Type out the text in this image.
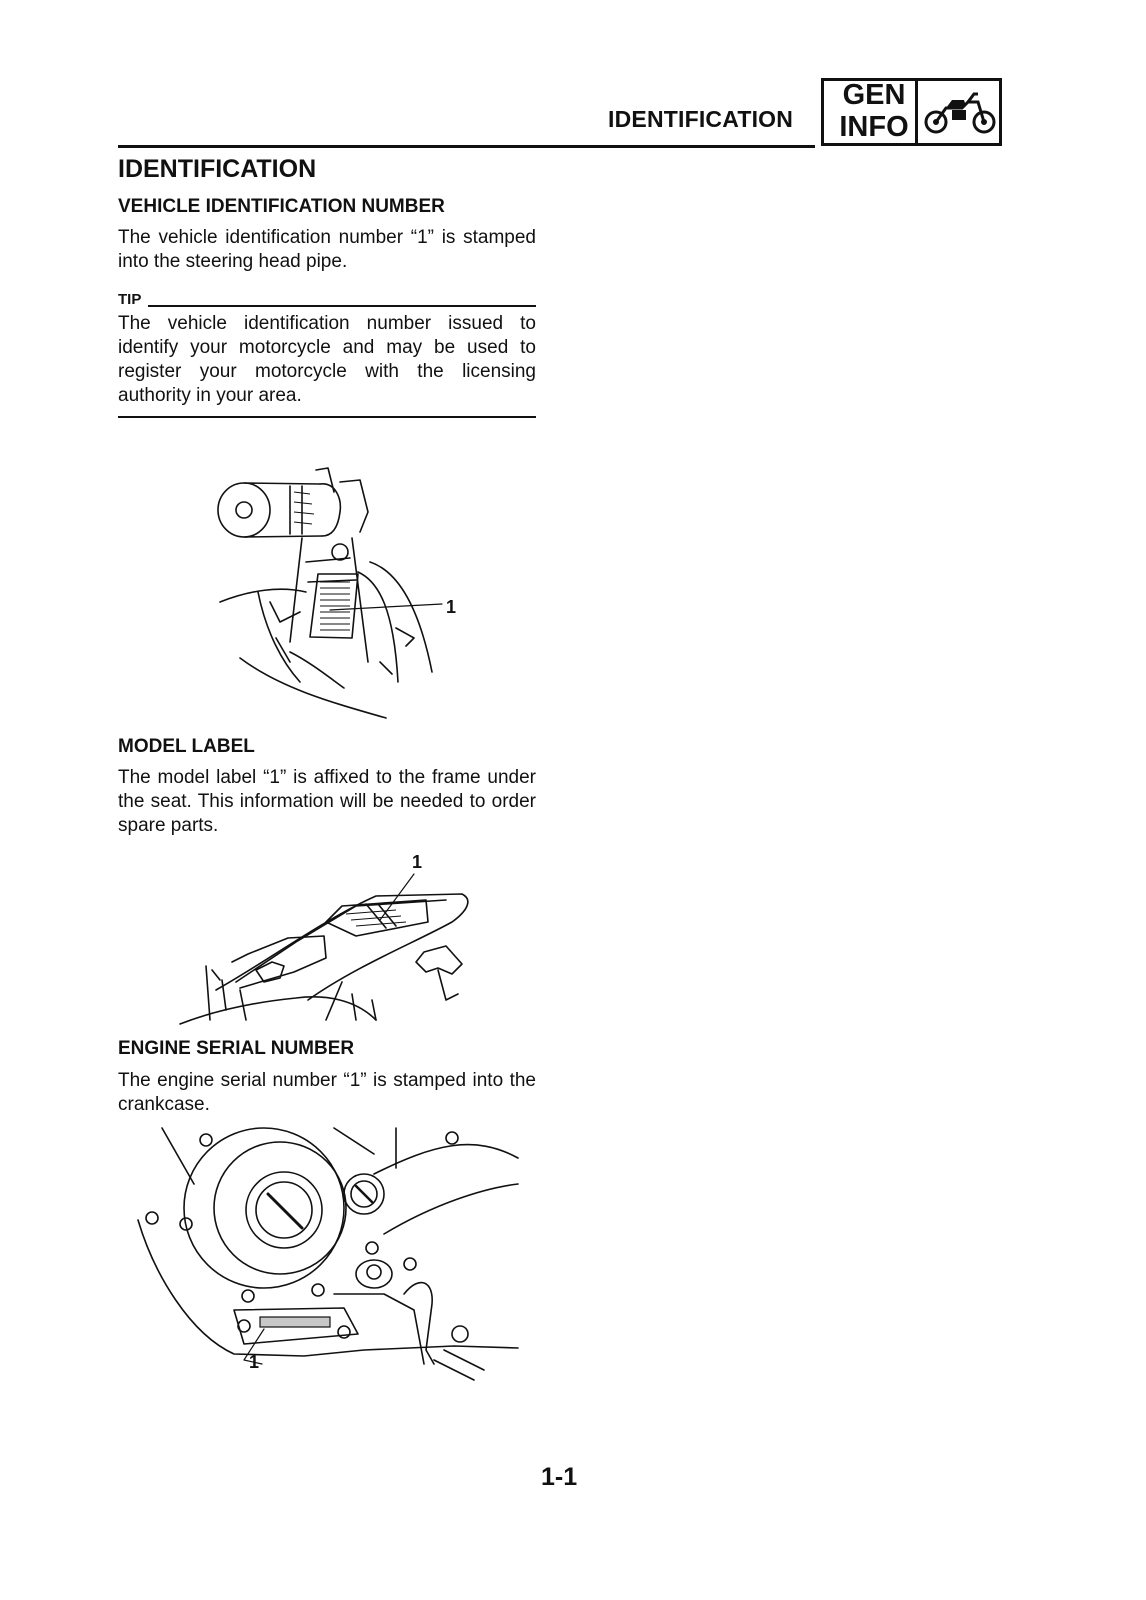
IDENTIFICATION
GEN
INFO
IDENTIFICATION
VEHICLE IDENTIFICATION NUMBER
The vehicle identification number “1” is stamped into the steering head pipe.
TIP
The vehicle identification number issued to identify your motorcycle and may be used to register your motorcycle with the licensing authority in your area.
1
MODEL LABEL
The model label “1” is affixed to the frame under the seat. This information will be needed to order spare parts.
1
ENGINE SERIAL NUMBER
The engine serial number “1” is stamped into the crankcase.
1
1-1
